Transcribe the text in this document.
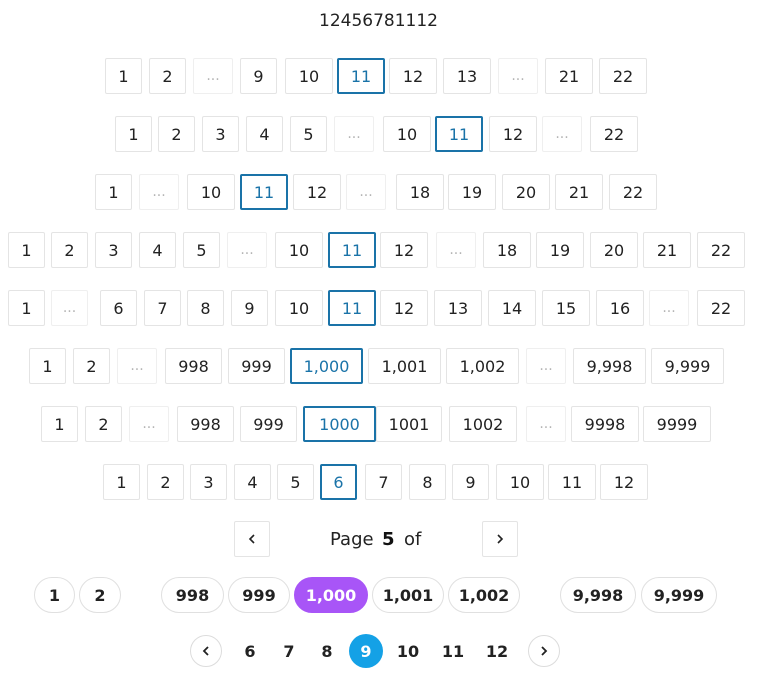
12456781112
1	2	...	9	10	11	12	13	...	21	22
1	2	3	4	5	...	10	11	12	...	22
1	...	10	11	12	...	18	19	20	21	22
1	2	3	4	5	...	10	11	12	...	18	19	20	21	22
1	...	6	7	8	9	10	11	12	13	14	15	16	...	22
1	2	...	998	999	1,000	1,001	1,002	...	9,998	9,999
1	2	...	998	999	1000	1001	1002	...	9998	9999
1	2	3	4	5	6	7	8	9	10	11	12
Page 5 of
1	2	998	999	1,000	1,001	1,002	9,998	9,999
6	7	8	9	10	11	12
